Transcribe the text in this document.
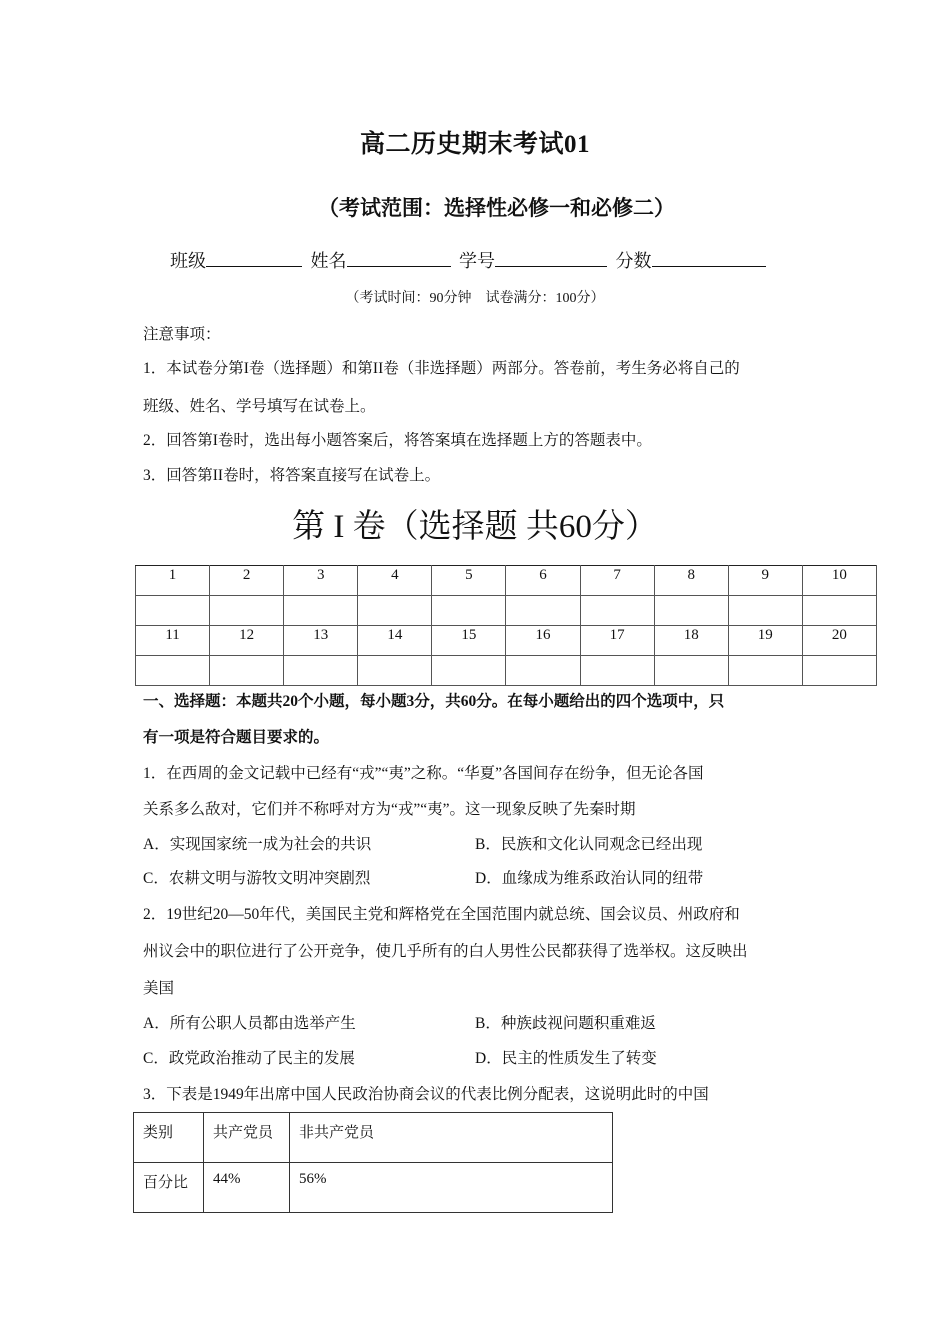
高二历史期末考试01
（考试范围：选择性必修一和必修二）
班级	姓名	学号	分数
（考试时间：90分钟　试卷满分：100分）
注意事项：
1．本试卷分第I卷（选择题）和第II卷（非选择题）两部分。答卷前，考生务必将自己的
班级、姓名、学号填写在试卷上。
2．回答第I卷时，选出每小题答案后，将答案填在选择题上方的答题表中。
3．回答第II卷时，将答案直接写在试卷上。
第 I 卷（选择题 共60分）
1	2	3	4	5	6	7	8	9	10

11	12	13	14	15	16	17	18	19	20

一、选择题：本题共20个小题，每小题3分，共60分。在每小题给出的四个选项中，只
有一项是符合题目要求的。
1．在西周的金文记载中已经有“戎”“夷”之称。“华夏”各国间存在纷争，但无论各国
关系多么敌对，它们并不称呼对方为“戎”“夷”。这一现象反映了先秦时期
A．实现国家统一成为社会的共识	B．民族和文化认同观念已经出现
C．农耕文明与游牧文明冲突剧烈	D．血缘成为维系政治认同的纽带
2．19世纪20—50年代，美国民主党和辉格党在全国范围内就总统、国会议员、州政府和
州议会中的职位进行了公开竞争，使几乎所有的白人男性公民都获得了选举权。这反映出
美国
A．所有公职人员都由选举产生	B．种族歧视问题积重难返
C．政党政治推动了民主的发展	D．民主的性质发生了转变
3．下表是1949年出席中国人民政治协商会议的代表比例分配表，这说明此时的中国
类别	共产党员	非共产党员
百分比	44%	56%
